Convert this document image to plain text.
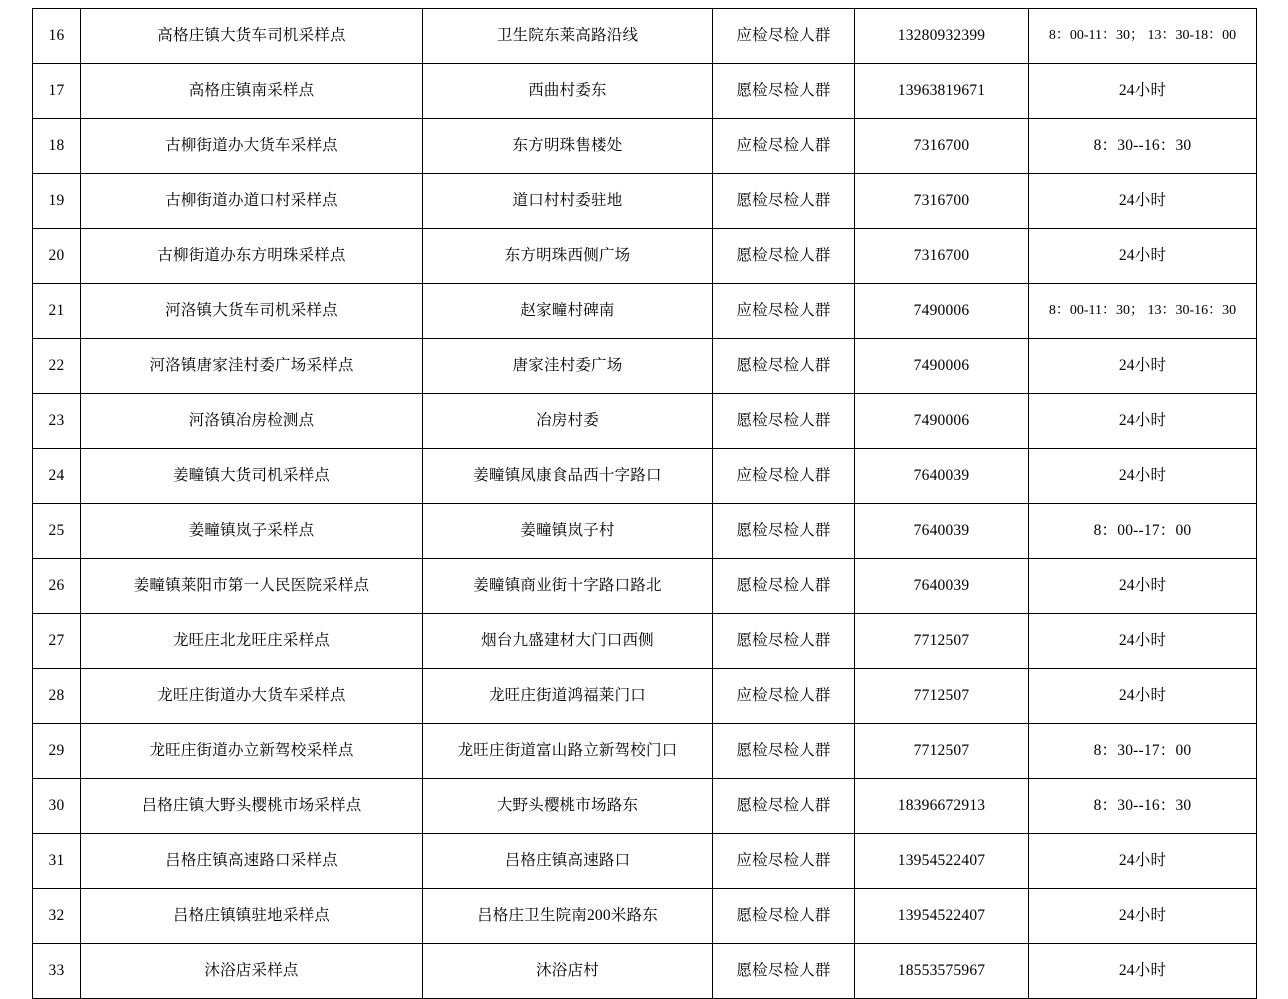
16	高格庄镇大货车司机采样点	卫生院东莱高路沿线	应检尽检人群	13280932399	8：00-11：30； 13：30-18：00
17	高格庄镇南采样点	西曲村委东	愿检尽检人群	13963819671	24小时
18	古柳街道办大货车采样点	东方明珠售楼处	应检尽检人群	7316700	8：30--16：30
19	古柳街道办道口村采样点	道口村村委驻地	愿检尽检人群	7316700	24小时
20	古柳街道办东方明珠采样点	东方明珠西侧广场	愿检尽检人群	7316700	24小时
21	河洛镇大货车司机采样点	赵家疃村碑南	应检尽检人群	7490006	8：00-11：30； 13：30-16：30
22	河洛镇唐家洼村委广场采样点	唐家洼村委广场	愿检尽检人群	7490006	24小时
23	河洛镇冶房检测点	冶房村委	愿检尽检人群	7490006	24小时
24	姜疃镇大货司机采样点	姜疃镇凤康食品西十字路口	应检尽检人群	7640039	24小时
25	姜疃镇岚子采样点	姜疃镇岚子村	愿检尽检人群	7640039	8：00--17：00
26	姜疃镇莱阳市第一人民医院采样点	姜疃镇商业街十字路口路北	愿检尽检人群	7640039	24小时
27	龙旺庄北龙旺庄采样点	烟台九盛建材大门口西侧	愿检尽检人群	7712507	24小时
28	龙旺庄街道办大货车采样点	龙旺庄街道鸿福莱门口	应检尽检人群	7712507	24小时
29	龙旺庄街道办立新驾校采样点	龙旺庄街道富山路立新驾校门口	愿检尽检人群	7712507	8：30--17：00
30	吕格庄镇大野头樱桃市场采样点	大野头樱桃市场路东	愿检尽检人群	18396672913	8：30--16：30
31	吕格庄镇高速路口采样点	吕格庄镇高速路口	应检尽检人群	13954522407	24小时
32	吕格庄镇镇驻地采样点	吕格庄卫生院南200米路东	愿检尽检人群	13954522407	24小时
33	沐浴店采样点	沐浴店村	愿检尽检人群	18553575967	24小时
